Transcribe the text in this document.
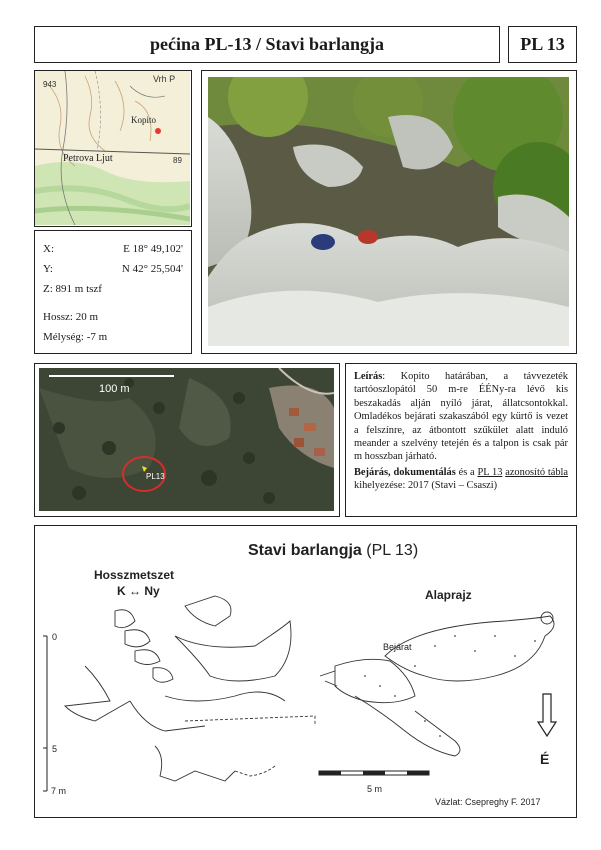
pećina PL-13 / Stavi barlangja	PL 13
943
Vrh P
Kopito
Petrova Ljut	89
X:	E 18° 49,102'
Y:	N 42° 25,504'
Z: 891 m tszf
Hossz: 20 m
Mélység: -7 m
100 m
PL13
Leírás: Kopito határában, a távvezeték tartóoszlopától 50 m-re ÉÉNy-ra lévő kis beszakadás alján nyíló járat, állatcsontokkal. Omladékos bejárati szakaszából egy kürtő is vezet a felszínre, az átbontott szűkület alatt induló meander a szelvény tetején és a talpon is csak pár m hosszban járható.
Bejárás, dokumentálás és a PL 13 azonosító tábla kihelyezése: 2017 (Stavi – Csaszi)
Stavi barlangja (PL 13)
Hosszmetszet
K ↔ Ny	Alaprajz
0
5
7 m
Bejárat
É
5 m
Vázlat: Csepreghy F. 2017
